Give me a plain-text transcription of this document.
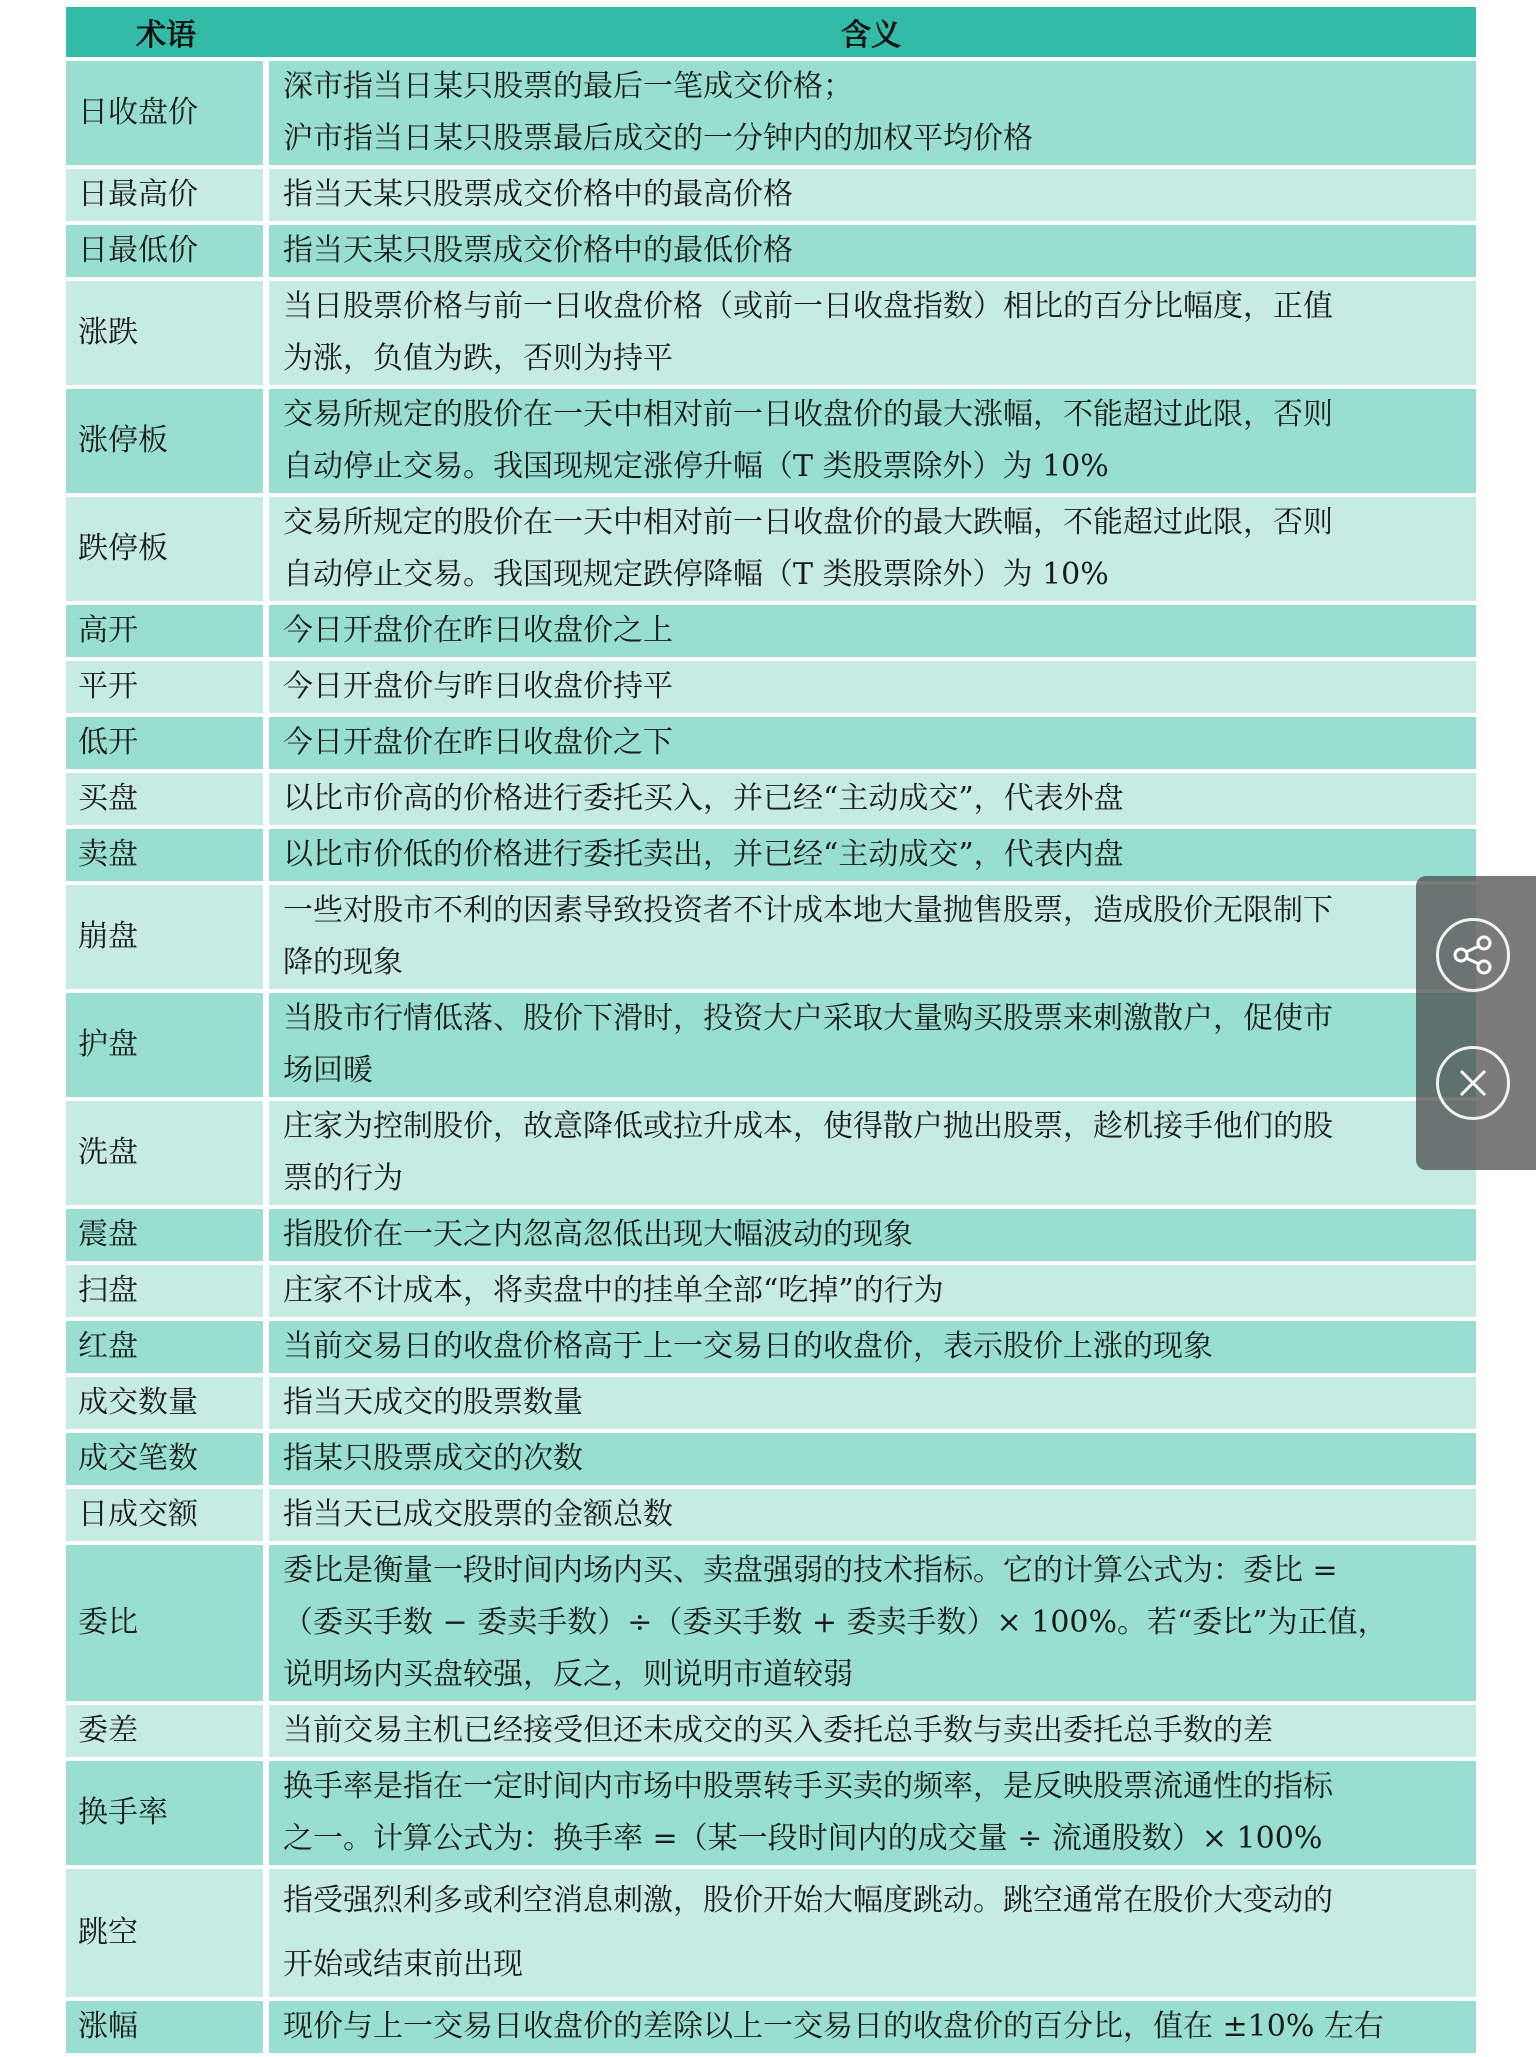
术语	含义
日收盘价	深市指当日某只股票的最后一笔成交价格；
沪市指当日某只股票最后成交的一分钟内的加权平均价格

日最高价	指当天某只股票成交价格中的最高价格

日最低价	指当天某只股票成交价格中的最低价格

涨跌	当日股票价格与前一日收盘价格（或前一日收盘指数）相比的百分比幅度，正值
为涨，负值为跌，否则为持平

涨停板	交易所规定的股价在一天中相对前一日收盘价的最大涨幅，不能超过此限，否则
自动停止交易。我国现规定涨停升幅（T 类股票除外）为 10%

跌停板	交易所规定的股价在一天中相对前一日收盘价的最大跌幅，不能超过此限，否则
自动停止交易。我国现规定跌停降幅（T 类股票除外）为 10%

高开	今日开盘价在昨日收盘价之上

平开	今日开盘价与昨日收盘价持平

低开	今日开盘价在昨日收盘价之下

买盘	以比市价高的价格进行委托买入，并已经“主动成交”，代表外盘

卖盘	以比市价低的价格进行委托卖出，并已经“主动成交”，代表内盘

崩盘	一些对股市不利的因素导致投资者不计成本地大量抛售股票，造成股价无限制下
降的现象

护盘	当股市行情低落、股价下滑时，投资大户采取大量购买股票来刺激散户，促使市
场回暖

洗盘	庄家为控制股价，故意降低或拉升成本，使得散户抛出股票，趁机接手他们的股
票的行为

震盘	指股价在一天之内忽高忽低出现大幅波动的现象

扫盘	庄家不计成本，将卖盘中的挂单全部“吃掉”的行为

红盘	当前交易日的收盘价格高于上一交易日的收盘价，表示股价上涨的现象

成交数量	指当天成交的股票数量

成交笔数	指某只股票成交的次数

日成交额	指当天已成交股票的金额总数

委比	委比是衡量一段时间内场内买、卖盘强弱的技术指标。它的计算公式为：委比 =
（委买手数 − 委卖手数）÷（委买手数 + 委卖手数）× 100%。若“委比”为正值，
说明场内买盘较强，反之，则说明市道较弱

委差	当前交易主机已经接受但还未成交的买入委托总手数与卖出委托总手数的差

换手率	换手率是指在一定时间内市场中股票转手买卖的频率，是反映股票流通性的指标
之一。计算公式为：换手率 =（某一段时间内的成交量 ÷ 流通股数）× 100%

跳空	指受强烈利多或利空消息刺激，股价开始大幅度跳动。跳空通常在股价大变动的
开始或结束前出现

涨幅	现价与上一交易日收盘价的差除以上一交易日的收盘价的百分比，值在 ±10% 左右
